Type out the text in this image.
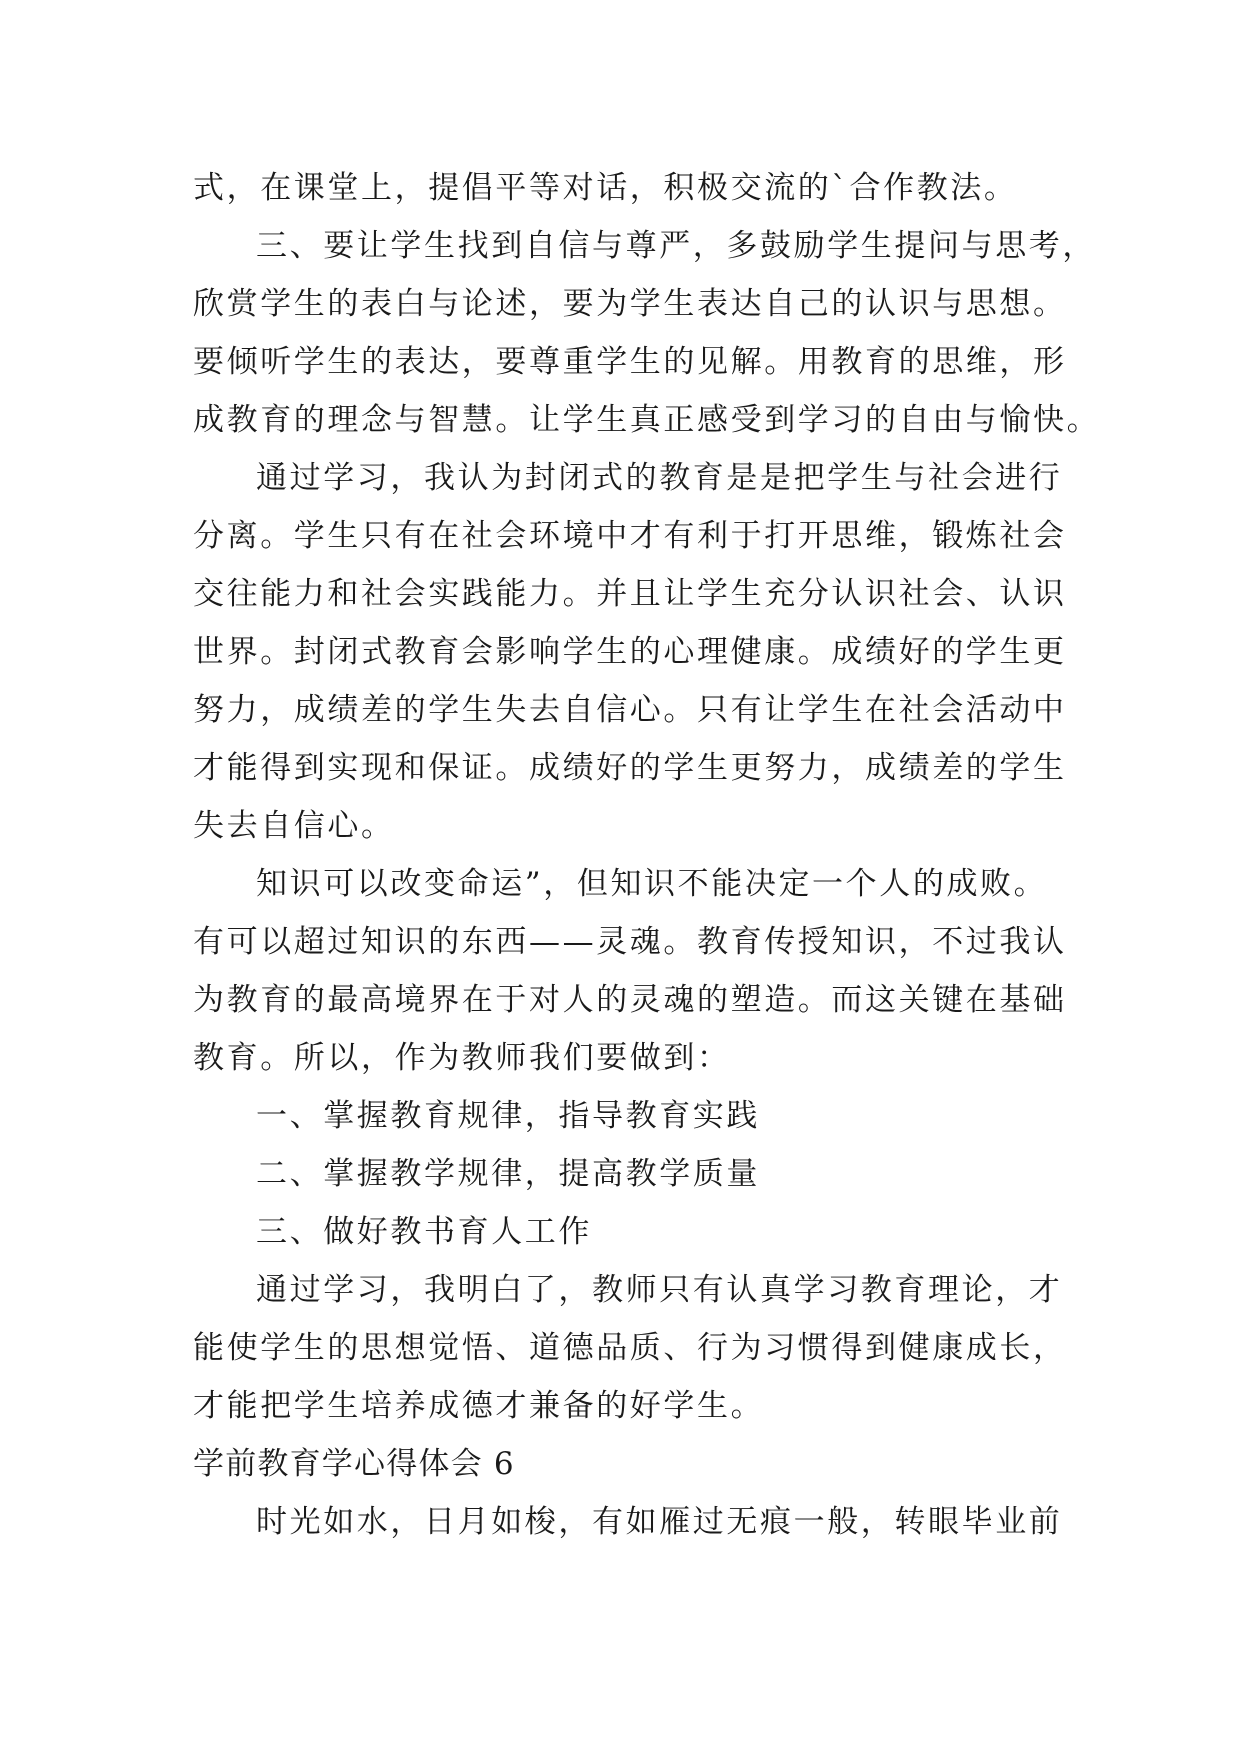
式，在课堂上，提倡平等对话，积极交流的`合作教法。
三、要让学生找到自信与尊严，多鼓励学生提问与思考，
欣赏学生的表白与论述，要为学生表达自己的认识与思想。
要倾听学生的表达，要尊重学生的见解。用教育的思维，形
成教育的理念与智慧。让学生真正感受到学习的自由与愉快。
通过学习，我认为封闭式的教育是是把学生与社会进行
分离。学生只有在社会环境中才有利于打开思维，锻炼社会
交往能力和社会实践能力。并且让学生充分认识社会、认识
世界。封闭式教育会影响学生的心理健康。成绩好的学生更
努力，成绩差的学生失去自信心。只有让学生在社会活动中
才能得到实现和保证。成绩好的学生更努力，成绩差的学生
失去自信心。
知识可以改变命运”，但知识不能决定一个人的成败。
有可以超过知识的东西——灵魂。教育传授知识，不过我认
为教育的最高境界在于对人的灵魂的塑造。而这关键在基础
教育。所以，作为教师我们要做到：
一、掌握教育规律，指导教育实践
二、掌握教学规律，提高教学质量
三、做好教书育人工作
通过学习，我明白了，教师只有认真学习教育理论，才
能使学生的思想觉悟、道德品质、行为习惯得到健康成长，
才能把学生培养成德才兼备的好学生。
学前教育学心得体会 6
时光如水，日月如梭，有如雁过无痕一般，转眼毕业前
